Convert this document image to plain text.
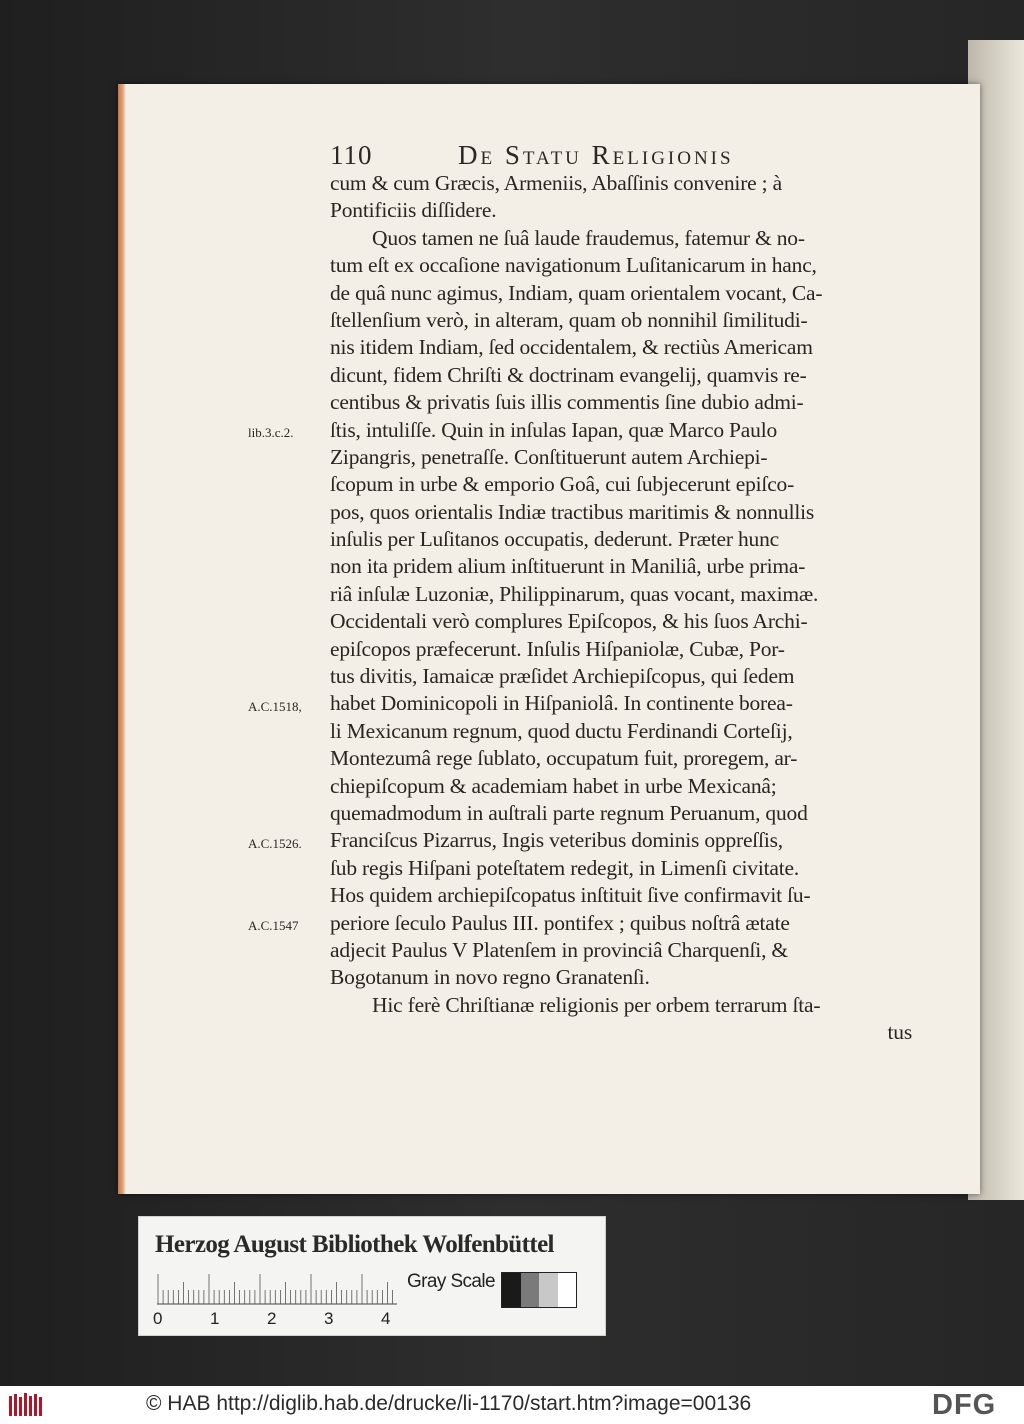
110	De Statu Religionis
cum & cum Græcis, Armeniis, Abaſſinis convenire ; à
Pontificiis diſſidere.
Quos tamen ne ſuâ laude fraudemus, fatemur & no-
tum eſt ex occaſione navigationum Luſitanicarum in hanc,
de quâ nunc agimus, Indiam, quam orientalem vocant, Ca-
ſtellenſium verò, in alteram, quam ob nonnihil ſimilitudi-
nis itidem Indiam, ſed occidentalem, & rectiùs Americam
dicunt, fidem Chriſti & doctrinam evangelij, quamvis re-
centibus & privatis ſuis illis commentis ſine dubio admi-
ſtis, intuliſſe. Quin in inſulas Iapan, quæ Marco Paulo
Zipangris, penetraſſe. Conſtituerunt autem Archiepi-
ſcopum in urbe & emporio Goâ, cui ſubjecerunt epiſco-
pos, quos orientalis Indiæ tractibus maritimis & nonnullis
inſulis per Luſitanos occupatis, dederunt. Præter hunc
non ita pridem alium inſtituerunt in Maniliâ, urbe prima-
riâ inſulæ Luzoniæ, Philippinarum, quas vocant, maximæ.
Occidentali verò complures Epiſcopos, & his ſuos Archi-
epiſcopos præfecerunt. Inſulis Hiſpaniolæ, Cubæ, Por-
tus divitis, Iamaicæ præſidet Archiepiſcopus, qui ſedem
habet Dominicopoli in Hiſpaniolâ. In continente borea-
li Mexicanum regnum, quod ductu Ferdinandi Corteſij,
Montezumâ rege ſublato, occupatum fuit, proregem, ar-
chiepiſcopum & academiam habet in urbe Mexicanâ;
quemadmodum in auſtrali parte regnum Peruanum, quod
Franciſcus Pizarrus, Ingis veteribus dominis oppreſſis,
ſub regis Hiſpani poteſtatem redegit, in Limenſi civitate.
Hos quidem archiepiſcopatus inſtituit ſive confirmavit ſu-
periore ſeculo Paulus III. pontifex ; quibus noſtrâ ætate
adjecit Paulus V Platenſem in provinciâ Charquenſi, &
Bogotanum in novo regno Granatenſi.
Hic ferè Chriſtianæ religionis per orbem terrarum ſta-
tus
lib.3.c.2.
A.C.1518,
A.C.1526.
A.C.1547
Herzog August Bibliothek Wolfenbüttel
0	1	2	3	4
Gray Scale
© HAB http://diglib.hab.de/drucke/li-1170/start.htm?image=00136	DFG
